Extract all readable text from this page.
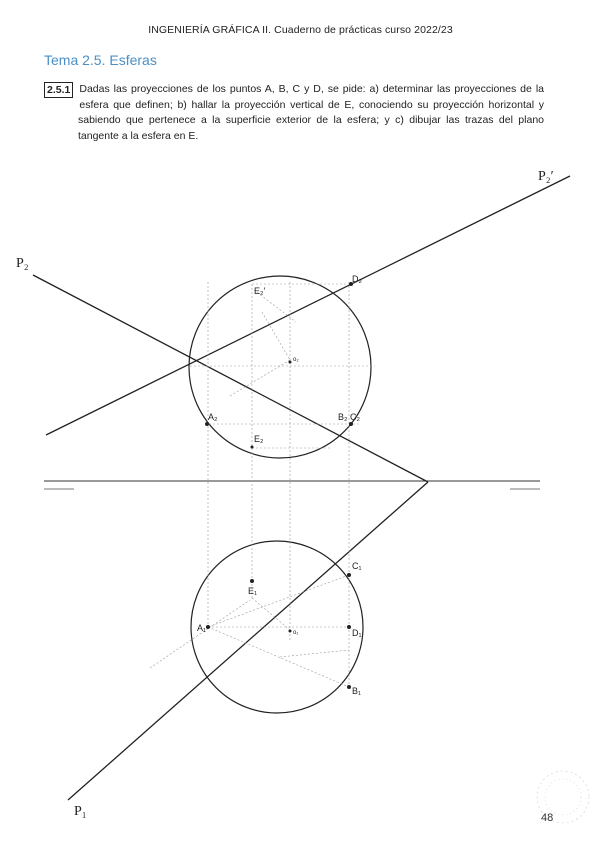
INGENIERÍA GRÁFICA II. Cuaderno de prácticas curso 2022/23
Tema 2.5. Esferas
2.5.1 Dadas las proyecciones de los puntos A, B, C y D, se pide: a) determinar las proyecciones de la esfera que definen; b) hallar la proyección vertical de E, conociendo su proyección horizontal y sabiendo que pertenece a la superficie exterior de la esfera; y c) dibujar las trazas del plano tangente a la esfera en E.
P₂′
P₂
P₁
D₂
E₂′
o₂
A₂	B₂ C₂
E₂
C₁
E₁
A₁	o₁	D₁
B₁
48
